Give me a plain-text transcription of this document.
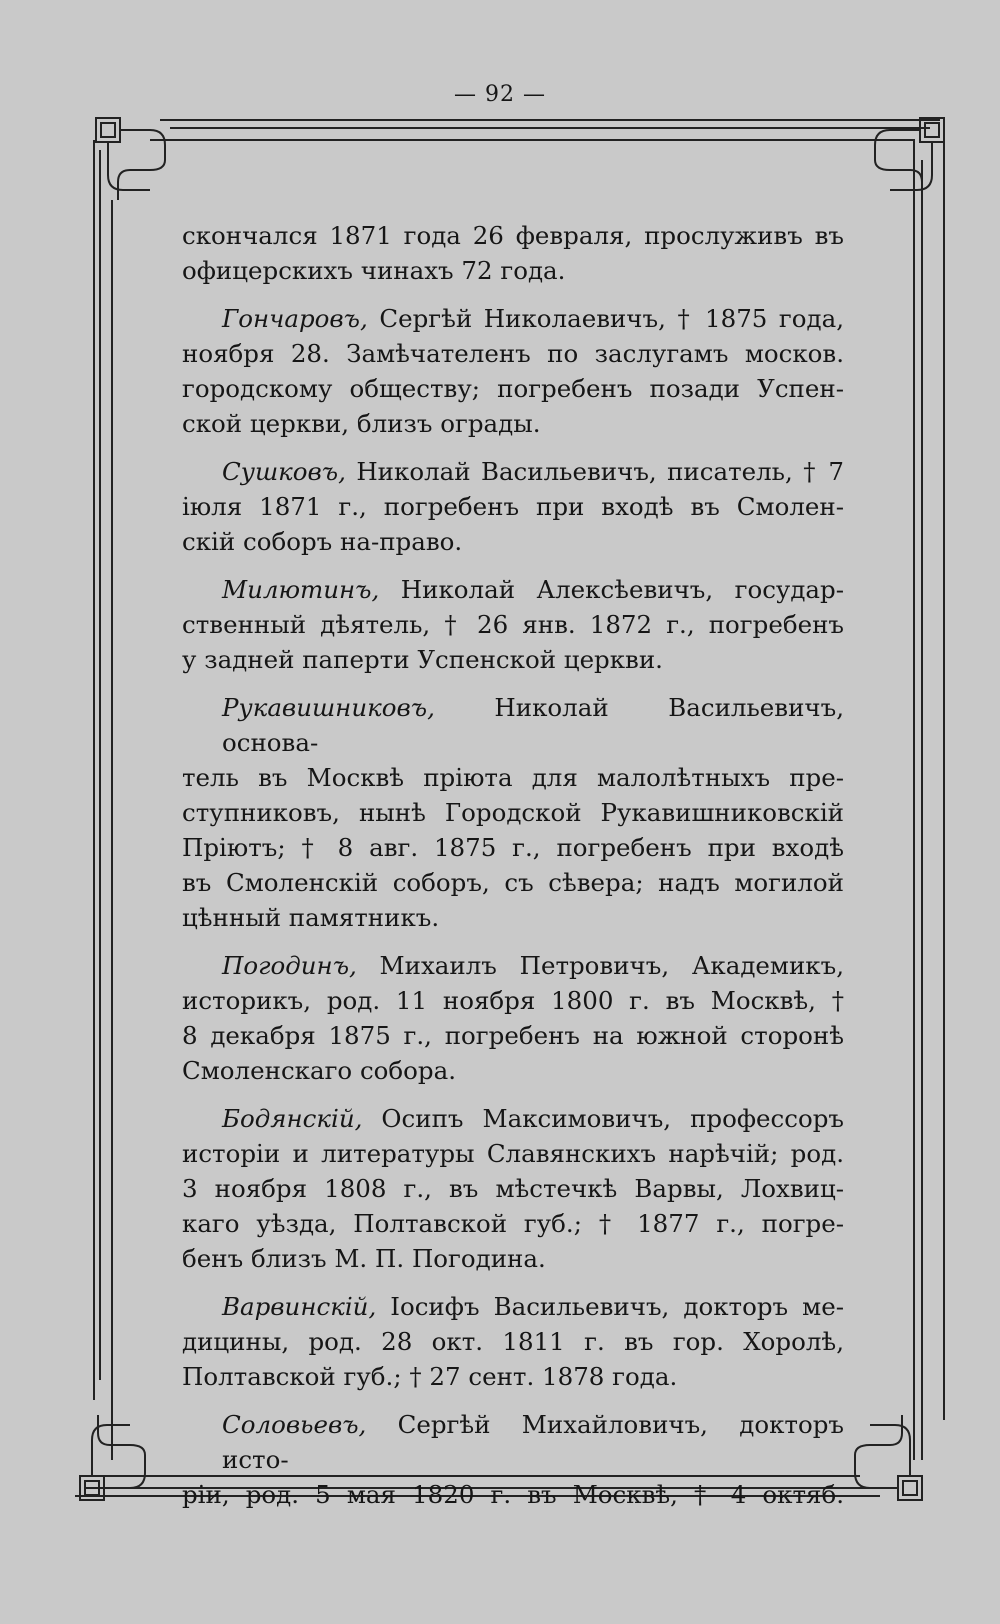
— 92 —
скончался 1871 года 26 февраля, прослуживъ въ
офицерскихъ чинахъ 72 года.
Гончаровъ, Сергѣй Николаевичъ, † 1875 года,
ноября 28. Замѣчателенъ по заслугамъ москов.
городскому обществу; погребенъ позади Успен-
ской церкви, близъ ограды.
Сушковъ, Николай Васильевичъ, писатель, † 7
іюля 1871 г., погребенъ при входѣ въ Смолен-
скій соборъ на-право.
Милютинъ, Николай Алексѣевичъ, государ-
ственный дѣятель, † 26 янв. 1872 г., погребенъ
у задней паперти Успенской церкви.
Рукавишниковъ, Николай Васильевичъ, основа-
тель въ Москвѣ пріюта для малолѣтныхъ пре-
ступниковъ, нынѣ Городской Рукавишниковскій
Пріютъ; † 8 авг. 1875 г., погребенъ при входѣ
въ Смоленскій соборъ, съ сѣвера; надъ могилой
цѣнный памятникъ.
Погодинъ, Михаилъ Петровичъ, Академикъ,
историкъ, род. 11 ноября 1800 г. въ Москвѣ, †
8 декабря 1875 г., погребенъ на южной сторонѣ
Смоленскаго собора.
Бодянскій, Осипъ Максимовичъ, профессоръ
исторіи и литературы Славянскихъ нарѣчій; род.
3 ноября 1808 г., въ мѣстечкѣ Варвы, Лохвиц-
каго уѣзда, Полтавской губ.; † 1877 г., погре-
бенъ близъ М. П. Погодина.
Варвинскій, Іосифъ Васильевичъ, докторъ ме-
дицины, род. 28 окт. 1811 г. въ гор. Хоролѣ,
Полтавской губ.; † 27 сент. 1878 года.
Соловьевъ, Сергѣй Михайловичъ, докторъ исто-
ріи, род. 5 мая 1820 г. въ Москвѣ, † 4 октяб.
